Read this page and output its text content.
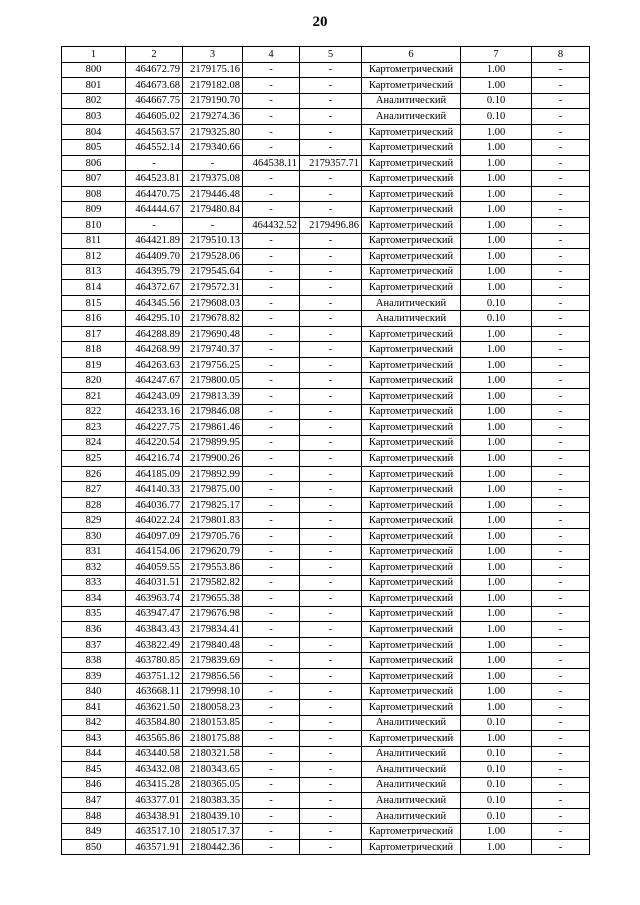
20
1	2	3	4	5	6	7	8
800	464672.79	2179175.16	-	-	Картометрический	1.00	-
801	464673.68	2179182.08	-	-	Картометрический	1.00	-
802	464667.75	2179190.70	-	-	Аналитический	0.10	-
803	464605.02	2179274.36	-	-	Аналитический	0.10	-
804	464563.57	2179325.80	-	-	Картометрический	1.00	-
805	464552.14	2179340.66	-	-	Картометрический	1.00	-
806	-	-	464538.11	2179357.71	Картометрический	1.00	-
807	464523.81	2179375.08	-	-	Картометрический	1.00	-
808	464470.75	2179446.48	-	-	Картометрический	1.00	-
809	464444.67	2179480.84	-	-	Картометрический	1.00	-
810	-	-	464432.52	2179496.86	Картометрический	1.00	-
811	464421.89	2179510.13	-	-	Картометрический	1.00	-
812	464409.70	2179528.06	-	-	Картометрический	1.00	-
813	464395.79	2179545.64	-	-	Картометрический	1.00	-
814	464372.67	2179572.31	-	-	Картометрический	1.00	-
815	464345.56	2179608.03	-	-	Аналитический	0.10	-
816	464295.10	2179678.82	-	-	Аналитический	0.10	-
817	464288.89	2179690.48	-	-	Картометрический	1.00	-
818	464268.99	2179740.37	-	-	Картометрический	1.00	-
819	464263.63	2179756.25	-	-	Картометрический	1.00	-
820	464247.67	2179800.05	-	-	Картометрический	1.00	-
821	464243.09	2179813.39	-	-	Картометрический	1.00	-
822	464233.16	2179846.08	-	-	Картометрический	1.00	-
823	464227.75	2179861.46	-	-	Картометрический	1.00	-
824	464220.54	2179899.95	-	-	Картометрический	1.00	-
825	464216.74	2179900.26	-	-	Картометрический	1.00	-
826	464185.09	2179892.99	-	-	Картометрический	1.00	-
827	464140.33	2179875.00	-	-	Картометрический	1.00	-
828	464036.77	2179825.17	-	-	Картометрический	1.00	-
829	464022.24	2179801.83	-	-	Картометрический	1.00	-
830	464097.09	2179705.76	-	-	Картометрический	1.00	-
831	464154.06	2179620.79	-	-	Картометрический	1.00	-
832	464059.55	2179553.86	-	-	Картометрический	1.00	-
833	464031.51	2179582.82	-	-	Картометрический	1.00	-
834	463963.74	2179655.38	-	-	Картометрический	1.00	-
835	463947.47	2179676.98	-	-	Картометрический	1.00	-
836	463843.43	2179834.41	-	-	Картометрический	1.00	-
837	463822.49	2179840.48	-	-	Картометрический	1.00	-
838	463780.85	2179839.69	-	-	Картометрический	1.00	-
839	463751.12	2179856.56	-	-	Картометрический	1.00	-
840	463668.11	2179998.10	-	-	Картометрический	1.00	-
841	463621.50	2180058.23	-	-	Картометрический	1.00	-
842	463584.80	2180153.85	-	-	Аналитический	0.10	-
843	463565.86	2180175.88	-	-	Картометрический	1.00	-
844	463440.58	2180321.58	-	-	Аналитический	0.10	-
845	463432.08	2180343.65	-	-	Аналитический	0.10	-
846	463415.28	2180365.05	-	-	Аналитический	0.10	-
847	463377.01	2180383.35	-	-	Аналитический	0.10	-
848	463438.91	2180439.10	-	-	Аналитический	0.10	-
849	463517.10	2180517.37	-	-	Картометрический	1.00	-
850	463571.91	2180442.36	-	-	Картометрический	1.00	-
